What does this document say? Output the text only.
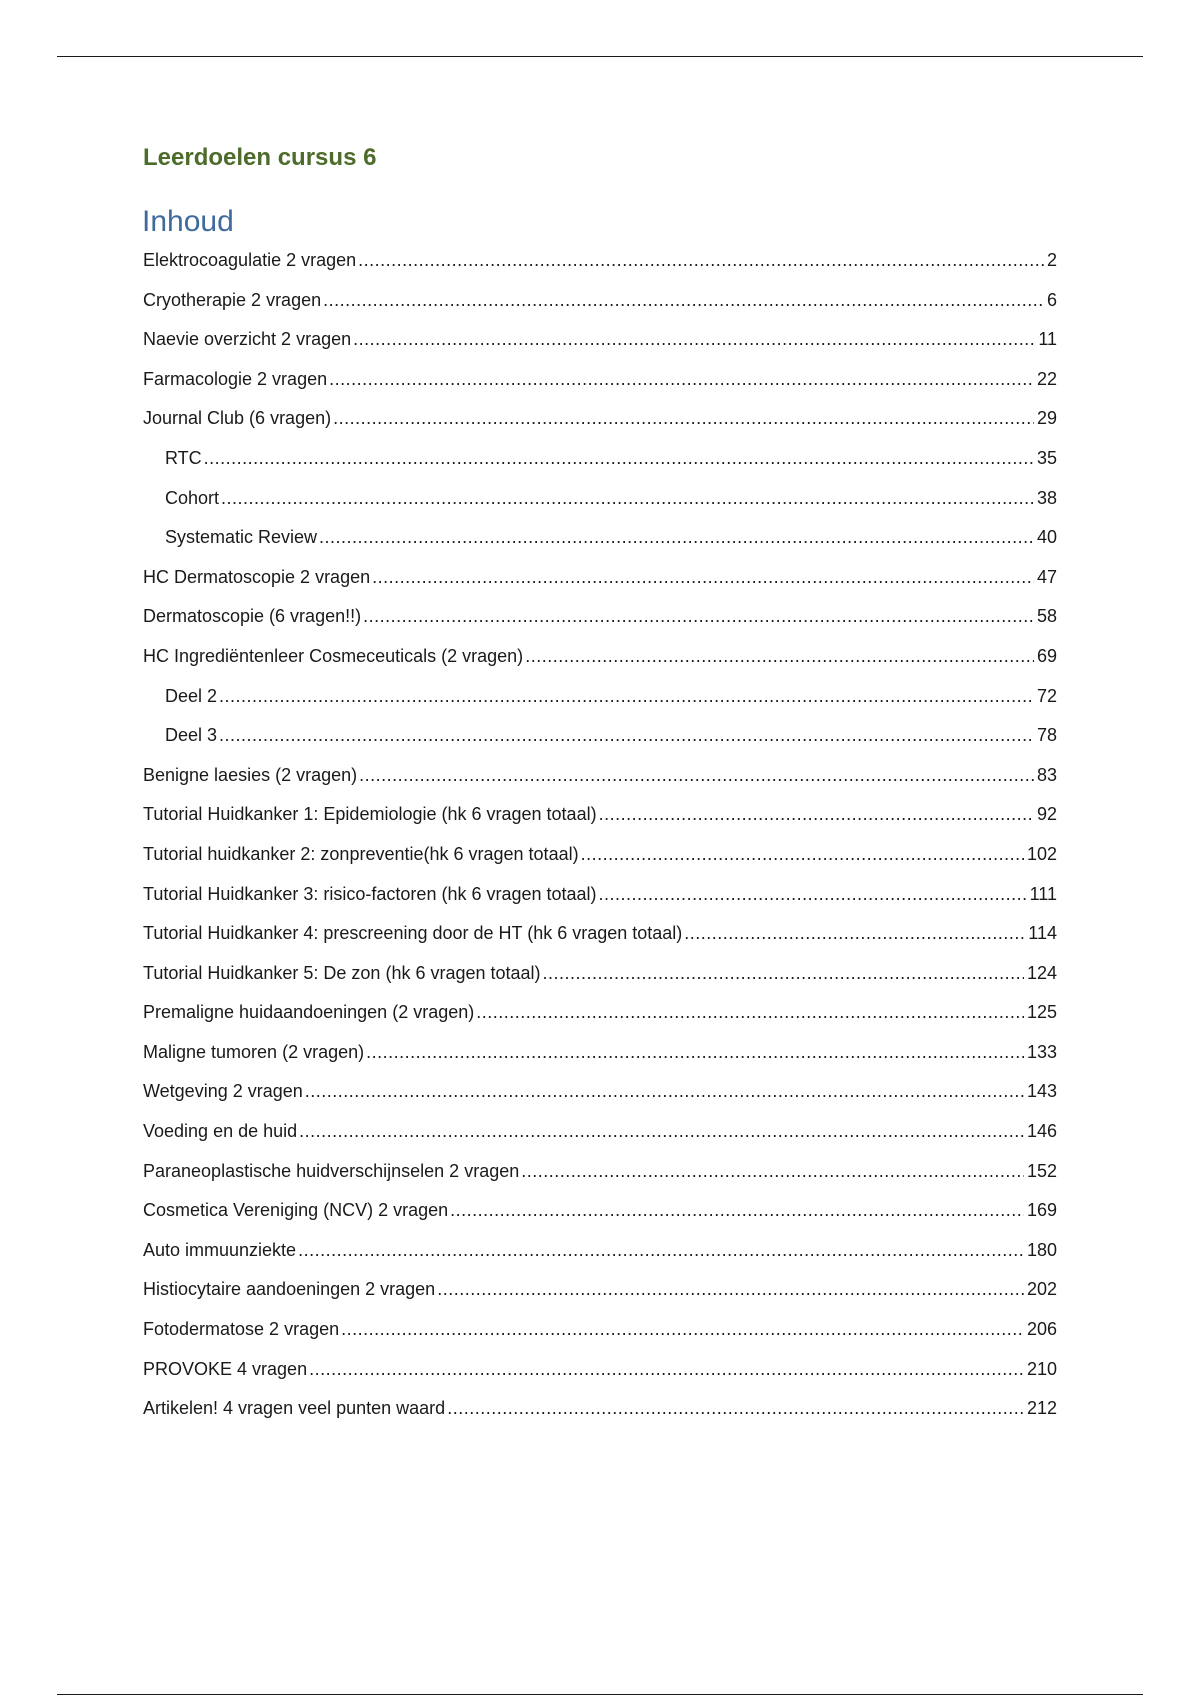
Leerdoelen cursus 6
Inhoud
Elektrocoagulatie 2 vragen .....	2
Cryotherapie 2 vragen .....	6
Naevie overzicht 2 vragen .....	11
Farmacologie 2 vragen .....	22
Journal Club (6 vragen) .....	29
RTC .....	35
Cohort .....	38
Systematic Review .....	40
HC Dermatoscopie 2 vragen .....	47
Dermatoscopie (6 vragen!!) .....	58
HC Ingrediëntenleer Cosmeceuticals (2 vragen) .....	69
Deel 2 .....	72
Deel 3 .....	78
Benigne laesies (2 vragen) .....	83
Tutorial Huidkanker 1: Epidemiologie (hk 6 vragen totaal) .....	92
Tutorial huidkanker 2: zonpreventie(hk 6 vragen totaal) .....	102
Tutorial Huidkanker 3: risico-factoren (hk 6 vragen totaal) .....	111
Tutorial Huidkanker 4: prescreening door de HT (hk 6 vragen totaal) .....	114
Tutorial Huidkanker 5: De zon (hk 6 vragen totaal) .....	124
Premaligne huidaandoeningen (2 vragen) .....	125
Maligne tumoren (2 vragen) .....	133
Wetgeving 2 vragen .....	143
Voeding en de huid .....	146
Paraneoplastische huidverschijnselen 2 vragen .....	152
Cosmetica Vereniging (NCV) 2 vragen .....	169
Auto immuunziekte .....	180
Histiocytaire aandoeningen 2 vragen .....	202
Fotodermatose 2 vragen .....	206
PROVOKE 4 vragen .....	210
Artikelen! 4 vragen veel punten waard .....	212
